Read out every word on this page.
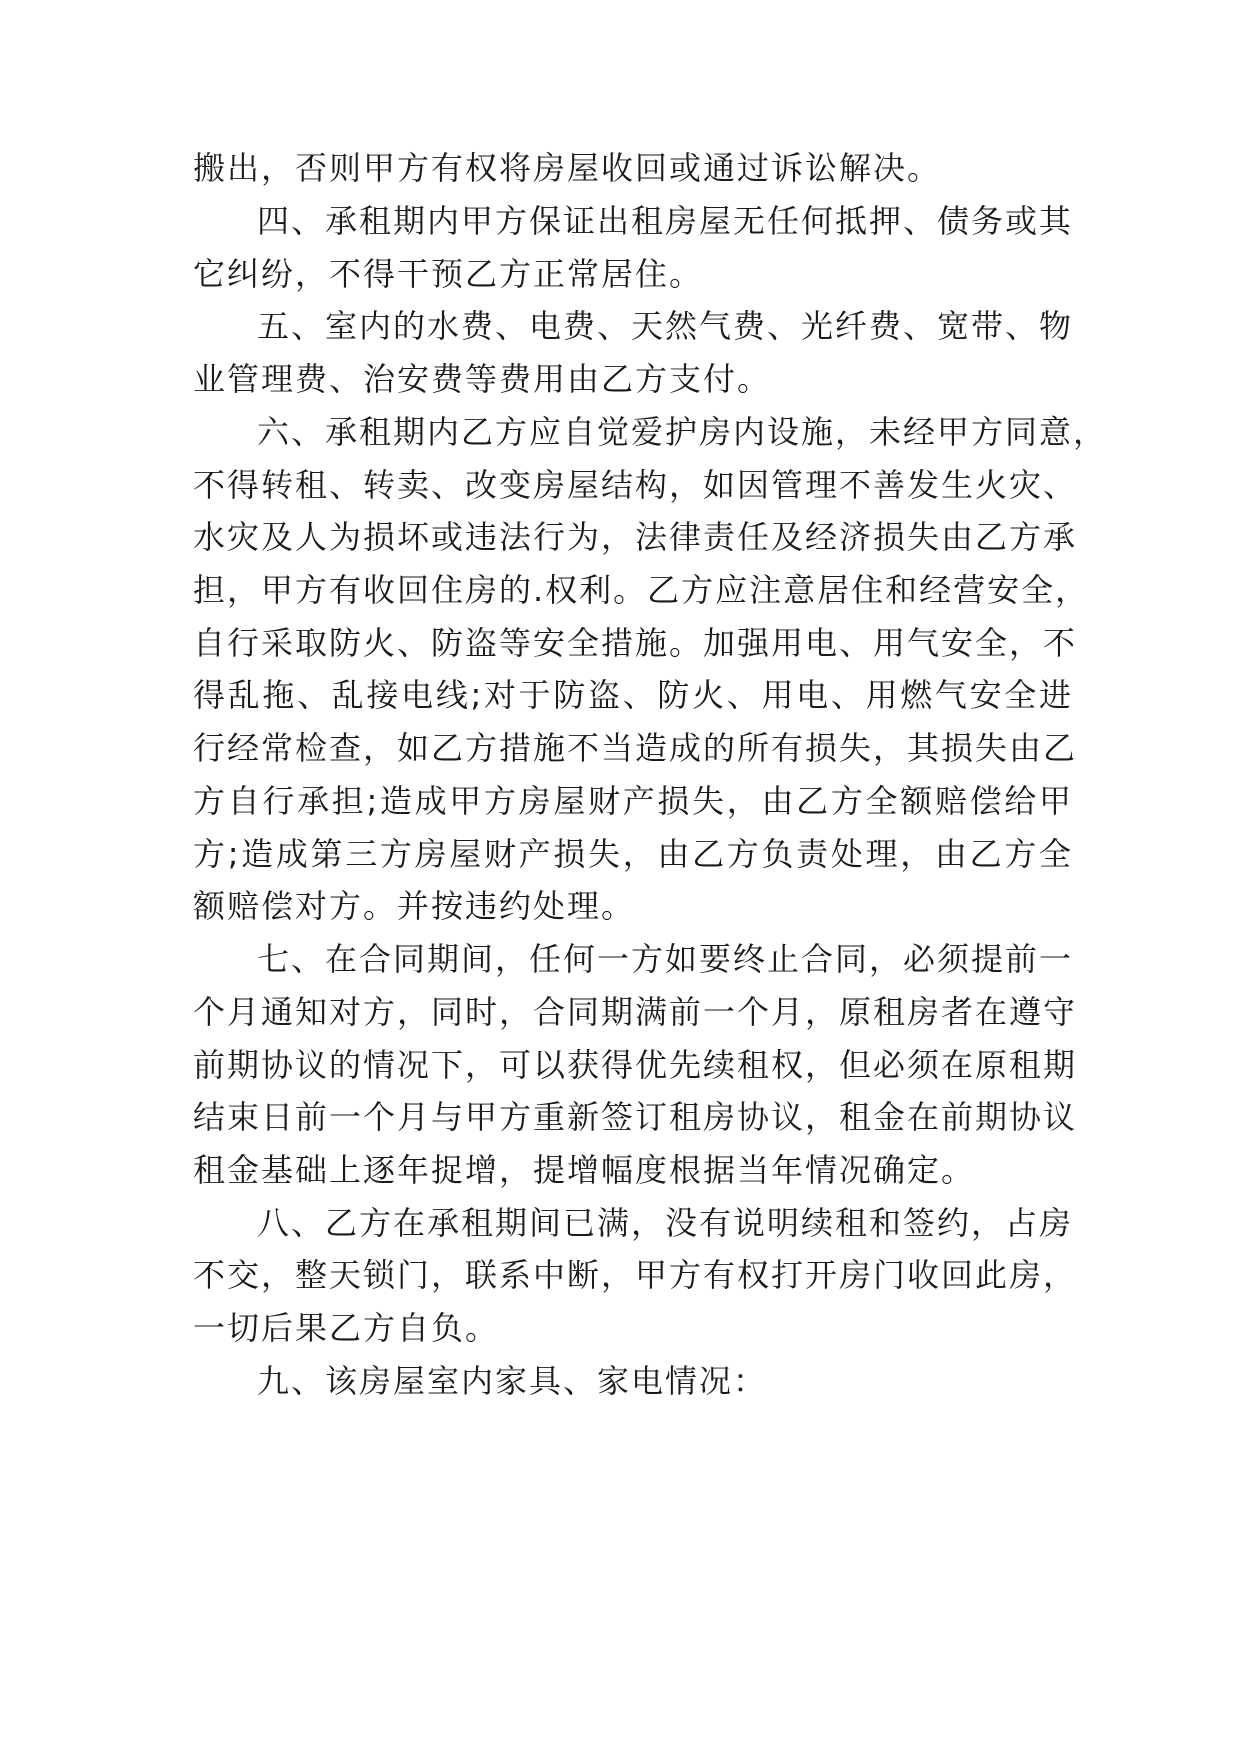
搬出，否则甲方有权将房屋收回或通过诉讼解决。

四、承租期内甲方保证出租房屋无任何抵押、债务或其

它纠纷，不得干预乙方正常居住。

五、室内的水费、电费、天然气费、光纤费、宽带、物

业管理费、治安费等费用由乙方支付。

六、承租期内乙方应自觉爱护房内设施，未经甲方同意，

不得转租、转卖、改变房屋结构，如因管理不善发生火灾、

水灾及人为损坏或违法行为，法律责任及经济损失由乙方承

担，甲方有收回住房的.权利。乙方应注意居住和经营安全，

自行采取防火、防盗等安全措施。加强用电、用气安全，不

得乱拖、乱接电线;对于防盗、防火、用电、用燃气安全进

行经常检查，如乙方措施不当造成的所有损失，其损失由乙

方自行承担;造成甲方房屋财产损失，由乙方全额赔偿给甲

方;造成第三方房屋财产损失，由乙方负责处理，由乙方全

额赔偿对方。并按违约处理。

七、在合同期间，任何一方如要终止合同，必须提前一

个月通知对方，同时，合同期满前一个月，原租房者在遵守

前期协议的情况下，可以获得优先续租权，但必须在原租期

结束日前一个月与甲方重新签订租房协议，租金在前期协议

租金基础上逐年捉增，提增幅度根据当年情况确定。

八、乙方在承租期间已满，没有说明续租和签约，占房

不交，整天锁门，联系中断，甲方有权打开房门收回此房，

一切后果乙方自负。

九、该房屋室内家具、家电情况：
